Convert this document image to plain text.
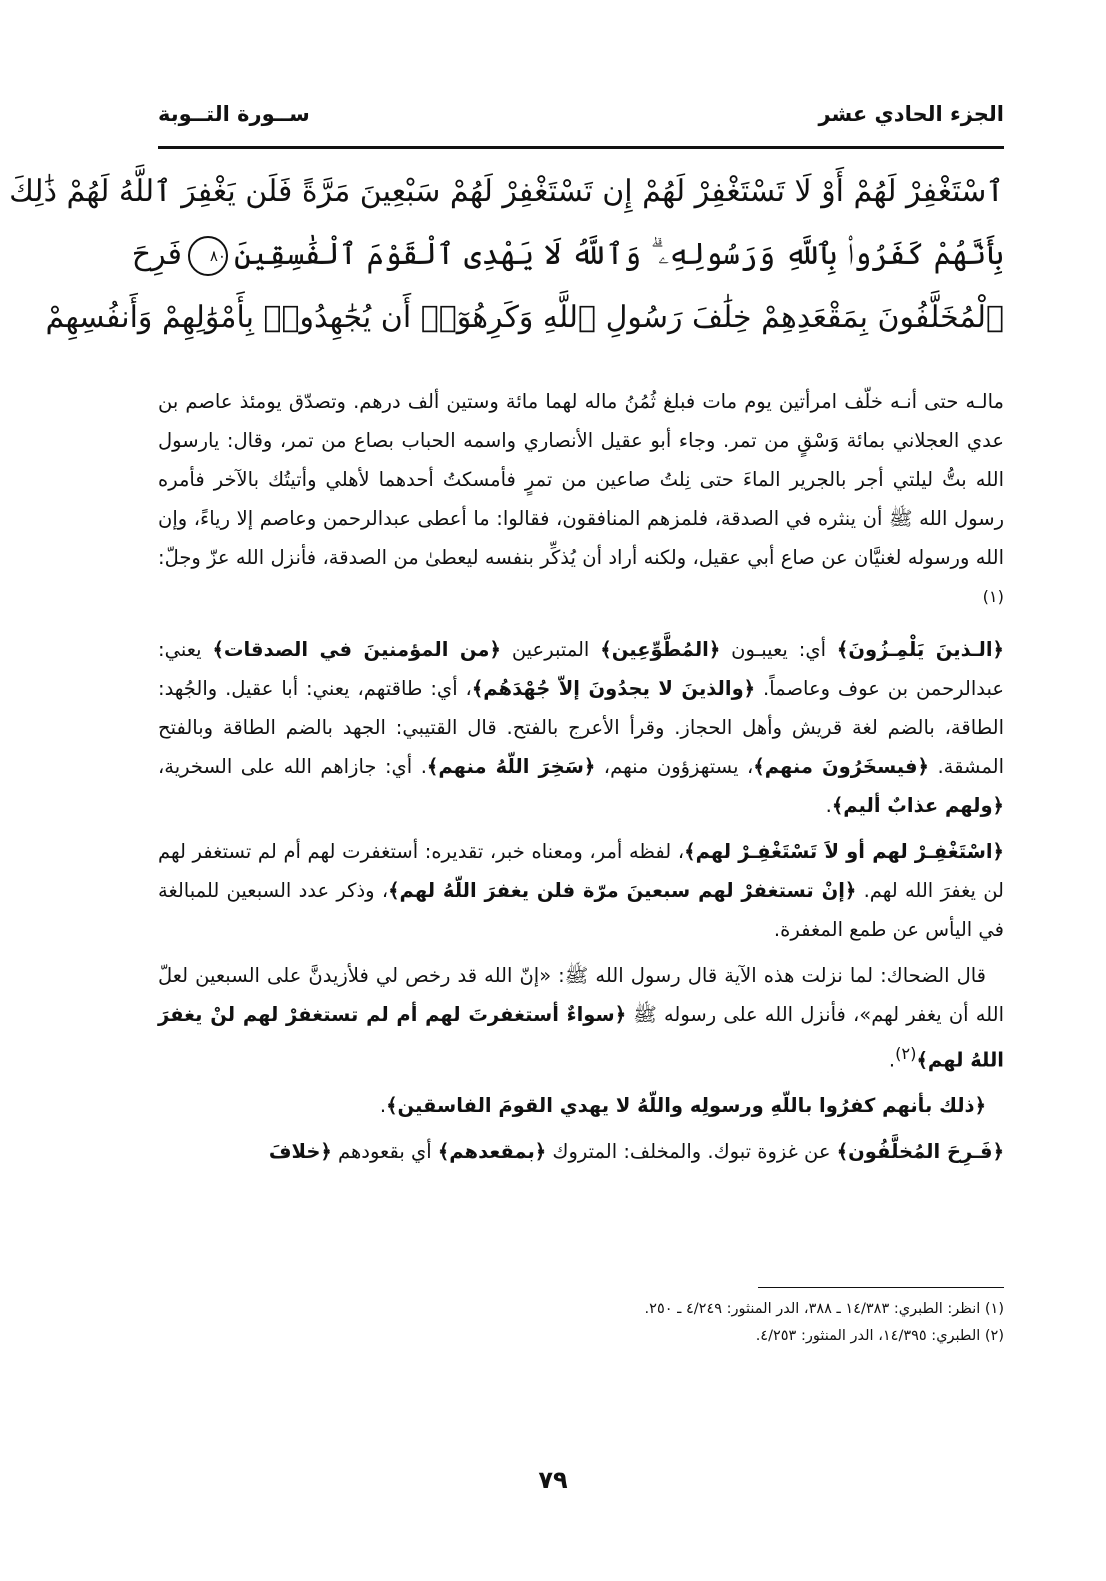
الجزء الحادي عشر
ســورة التــوبة
ٱسْتَغْفِرْ لَهُمْ أَوْ لَا تَسْتَغْفِرْ لَهُمْ إِن تَسْتَغْفِرْ لَهُمْ سَبْعِينَ مَرَّةً فَلَن يَغْفِرَ ٱللَّهُ لَهُمْ ذَٰلِكَ
بِأَنَّهُمْ كَفَرُوا۟ بِٱللَّهِ وَرَسُولِهِۦ ۗ وَٱللَّهُ لَا يَهْدِى ٱلْقَوْمَ ٱلْفَٰسِقِينَ٨٠فَرِحَ
ٱلْمُخَلَّفُونَ بِمَقْعَدِهِمْ خِلَٰفَ رَسُولِ ٱللَّهِ وَكَرِهُوٓا۟ أَن يُجَٰهِدُوا۟ بِأَمْوَٰلِهِمْ وَأَنفُسِهِمْ

مالـه حتى أنـه خلّف امرأتين يوم مات فبلغ ثُمُنُ ماله لهما مائة وستين ألف درهم. وتصدّق يومئذ عاصم بن عدي العجلاني بمائة وَسْقٍ من تمر. وجاء أبو عقيل الأنصاري واسمه الحباب بصاع من تمر، وقال: يارسول الله بتُّ ليلتي أجر بالجرير الماءَ حتى نِلتُ صاعين من تمرٍ فأمسكتُ أحدهما لأهلي وأتيتُك بالآخر فأمره رسول الله ﷺ أن ينثره في الصدقة، فلمزهم المنافقون، فقالوا: ما أعطى عبدالرحمن وعاصم إلا رياءً، وإن الله ورسوله لغنيَّان عن صاع أبي عقيل، ولكنه أراد أن يُذكِّر بنفسه ليعطىٰ من الصدقة، فأنزل الله عزّ وجلّ:$^{(١)}$

﴿الـذينَ يَلْمِـزُونَ﴾ أي: يعيبـون ﴿المُطَّوِّعِين﴾ المتبرعين ﴿من المؤمنينَ في الصدقات﴾ يعني: عبدالرحمن بن عوف وعاصماً. ﴿والذينَ لا يجدُونَ إلاّ جُهْدَهُم﴾، أي: طاقتهم، يعني: أبا عقيل. والجُهد: الطاقة، بالضم لغة قريش وأهل الحجاز. وقرأ الأعرج بالفتح. قال القتيبي: الجهد بالضم الطاقة وبالفتح المشقة. ﴿فيسخَرُونَ منهم﴾، يستهزؤون منهم، ﴿سَخِرَ اللّهُ منهم﴾. أي: جازاهم الله على السخرية، ﴿ولهم عذابٌ أليم﴾.

﴿اسْتَغْفِـرْ لهم أو لاَ تَسْتَغْفِـرْ لهم﴾، لفظه أمر، ومعناه خبر، تقديره: أستغفرت لهم أم لم تستغفر لهم لن يغفرَ الله لهم. ﴿إنْ تستغفرْ لهم سبعينَ مرّة فلن يغفرَ اللّهُ لهم﴾، وذكر عدد السبعين للمبالغة في اليأس عن طمع المغفرة.

قال الضحاك: لما نزلت هذه الآية قال رسول الله ﷺ: «إنّ الله قد رخص لي فلأزيدنَّ على السبعين لعلّ الله أن يغفر لهم»، فأنزل الله على رسوله ﷺ ﴿سواءٌ أستغفرتَ لهم أم لم تستغفرْ لهم لنْ يغفرَ اللهُ لهم﴾$^{(٢)}$.

﴿ذلك بأنهم كفرُوا باللّهِ ورسولِه واللّهُ لا يهدي القومَ الفاسقين﴾.

﴿فَـرِحَ المُخلَّفُون﴾ عن غزوة تبوك. والمخلف: المتروك ﴿بمقعدهم﴾ أي بقعودهم ﴿خلافَ

(١) انظر: الطبري: ١٤/٣٨٣ ـ ٣٨٨، الدر المنثور: ٤/٢٤٩ ـ ٢٥٠.
(٢) الطبري: ١٤/٣٩٥، الدر المنثور: ٤/٢٥٣.
٧٩
